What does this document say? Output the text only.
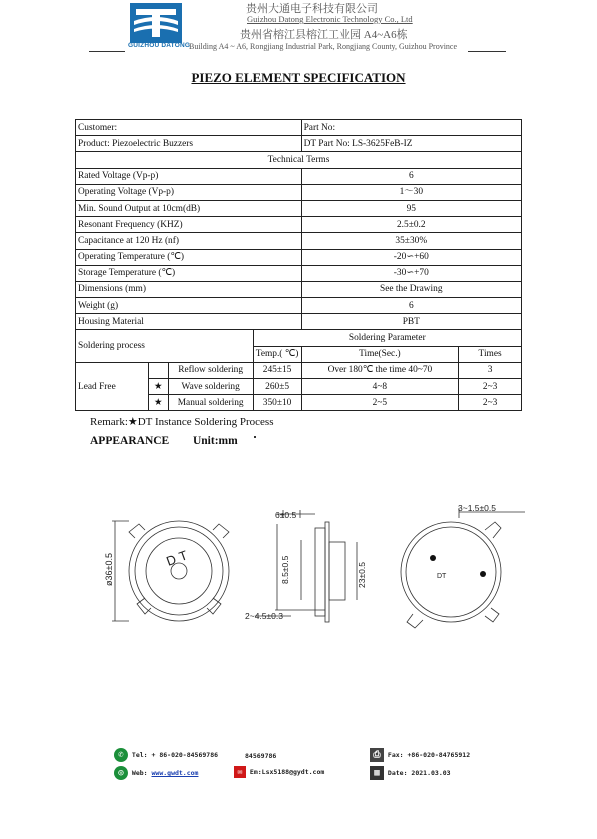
GUIZHOU DATONG
贵州大通电子科技有限公司
Guizhou Datong Electronic Technology Co., Ltd
贵州省榕江县榕江工业园 A4~A6栋
Building A4 ~ A6, Rongjiang Industrial Park, Rongjiang County, Guizhou Province
PIEZO ELEMENT SPECIFICATION
Customer:				Part No:	
Product: Piezoelectric Buzzers				DT Part No: LS-3625FeB-IZ	
Technical Terms					
Rated Voltage (Vp-p)				6	
Operating Voltage (Vp-p)				1～30	
Min. Sound Output at 10cm(dB)				95	
Resonant Frequency (KHZ)				2.5±0.2	
Capacitance at 120 Hz (nf)				35±30%	
Operating Temperature (℃)				-20∽+60	
Storage Temperature (℃)				-30∽+70	
Dimensions (mm)				See the Drawing	
Weight (g)				6	
Housing Material				PBT	
Soldering process			Soldering Parameter		
			Temp.( ℃)	Time(Sec.)	Times
Lead Free		Reflow soldering	245±15	Over 180℃ the time 40~70	3
	★	Wave soldering	260±5	4~8	2~3
	★	Manual soldering	350±10	2~5	2~3
Remark:★DT Instance Soldering Process
APPEARANCE Unit:mm
ø36±0.5	DT
6±0.5
8.5±0.5	23±0.5
2~4.5±0.3
3~1.5±0.5
DT
✆ Tel: + 86-020-84569786	84569786	⎙ Fax: +86-020-84765912
◎ Web: www.gwdt.com	✉ Em:Lsx5188@gydt.com	▦ Date: 2021.03.03
